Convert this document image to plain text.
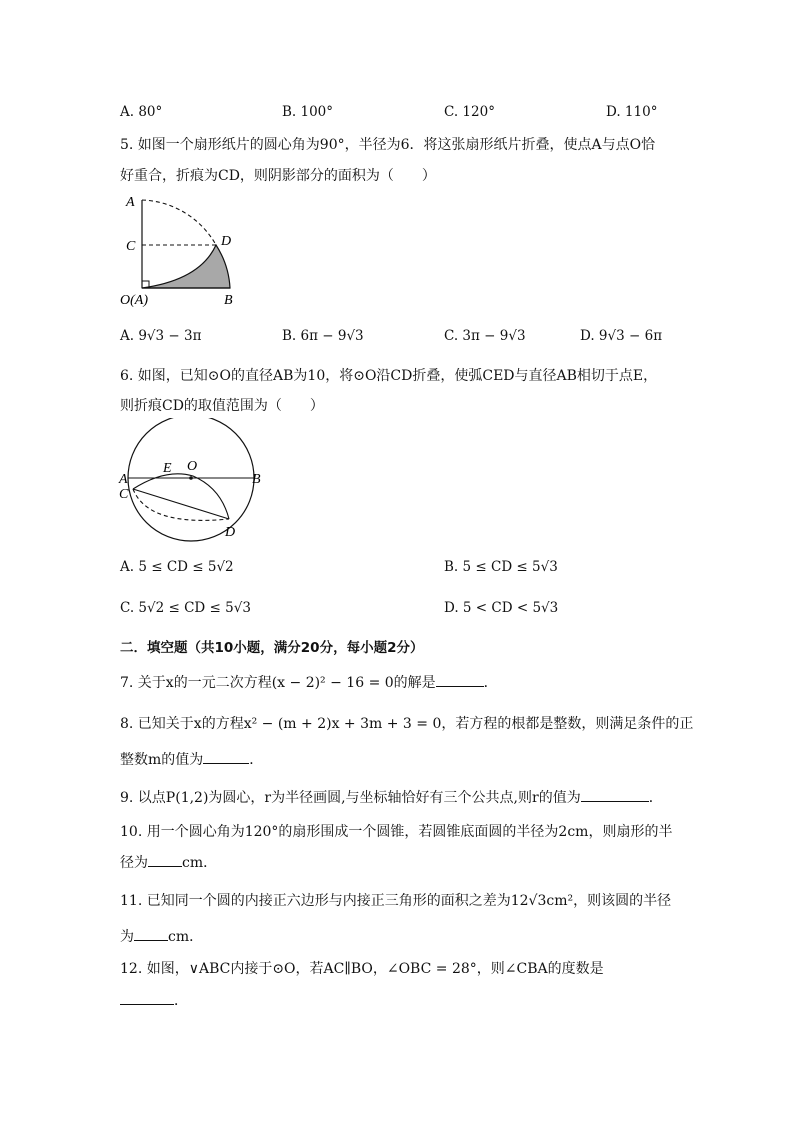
A. 80°	B. 100°	C. 120°	D. 110°
5. 如图一个扇形纸片的圆心角为90°，半径为6．将这张扇形纸片折叠，使点A与点O恰
好重合，折痕为CD，则阴影部分的面积为（　　）
A
C	D
O(A)	B
A. 9√3 − 3π	B. 6π − 9√3	C. 3π − 9√3	D. 9√3 − 6π
6. 如图，已知⊙O的直径AB为10，将⊙O沿CD折叠，使弧CED与直径AB相切于点E，
则折痕CD的取值范围为（　　）
A
E O
B
C
D
A. 5 ≤ CD ≤ 5√2	B. 5 ≤ CD ≤ 5√3
C. 5√2 ≤ CD ≤ 5√3	D. 5 < CD < 5√3
二．填空题（共10小题，满分20分，每小题2分）
7. 关于x的一元二次方程(x − 2)² − 16 = 0的解是	．
8. 已知关于x的方程x² − (m + 2)x + 3m + 3 = 0，若方程的根都是整数，则满足条件的正
整数m的值为	．
9. 以点P(1,2)为圆心，r为半径画圆,与坐标轴恰好有三个公共点,则r的值为	．
10. 用一个圆心角为120°的扇形围成一个圆锥，若圆锥底面圆的半径为2cm，则扇形的半
径为 cm．
11. 已知同一个圆的内接正六边形与内接正三角形的面积之差为12√3cm²，则该圆的半径
为 cm．
12. 如图，∨ABC内接于⊙O，若AC∥BO，∠OBC = 28°，则∠CBA的度数是
．
